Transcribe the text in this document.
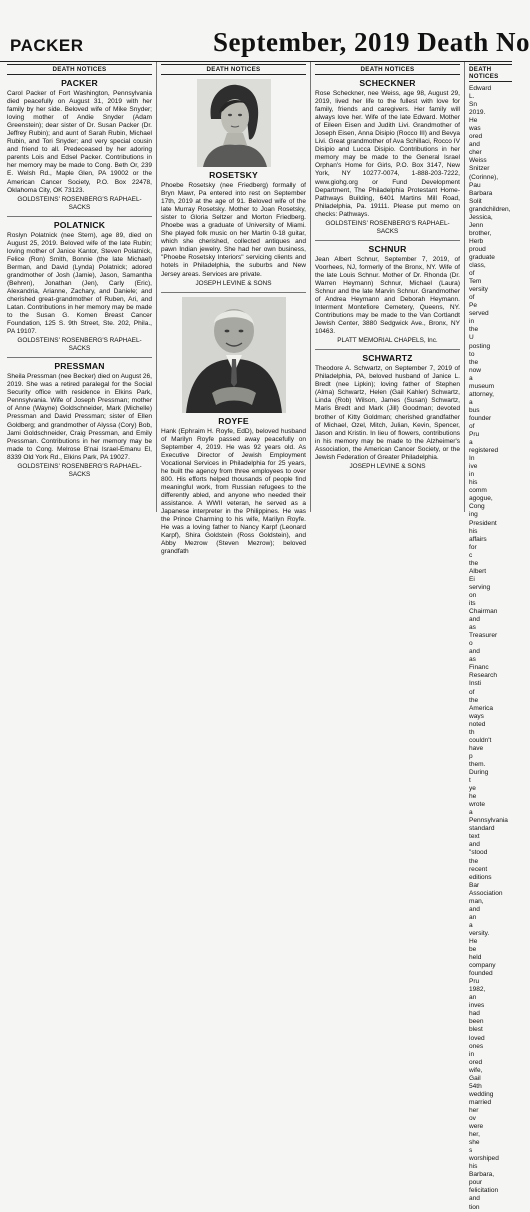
PACKER	September, 2019 Death No
DEATH NOTICES
PACKER

Carol Packer of Fort Washington, Pennsylvania died peacefully on August 31, 2019 with her family by her side. Beloved wife of Mike Snyder; loving mother of Andie Snyder (Adam Greenstein); dear sister of Dr. Susan Packer (Dr. Jeffrey Rubin); and aunt of Sarah Rubin, Michael Rubin, and Tori Snyder; and very special cousin and friend to all. Predeceased by her adoring parents Lois and Edsel Packer. Contributions in her memory may be made to Cong. Beth Or, 239 E. Welsh Rd., Maple Glen, PA 19002 or the American Cancer Society, P.O. Box 22478, Oklahoma City, OK 73123.

GOLDSTEINS' ROSENBERG'S RAPHAEL-SACKS

POLATNICK

Roslyn Polatnick (nee Stern), age 89, died on August 25, 2019. Beloved wife of the late Rubin; loving mother of Janice Kantor, Steven Polatnick, Felice (Ron) Smith, Bonnie (the late Michael) Berman, and David (Lynda) Polatnick; adored grandmother of Josh (Jamie), Jason, Samantha (Behren), Jonathan (Jen), Carly (Eric), Alexandria, Arianne, Zachary, and Daniele; and cherished great-grandmother of Ruben, Ari, and Latan. Contributions in her memory may be made to the Susan G. Komen Breast Cancer Foundation, 125 S. 9th Street, Ste. 202, Phila., PA 19107.

GOLDSTEINS' ROSENBERG'S RAPHAEL-SACKS

PRESSMAN

Sheila Pressman (nee Becker) died on August 26, 2019. She was a retired paralegal for the Social Security office with residence in Elkins Park, Pennsylvania. Wife of Joseph Pressman; mother of Anne (Wayne) Goldschneider, Mark (Michelle) Pressman and David Pressman; sister of Ellen Goldberg; and grandmother of Alyssa (Cory) Bob, Jami Goldschneider, Craig Pressman, and Emily Pressman. Contributions in her memory may be made to Cong. Melrose B'nai Israel-Emanu El, 8339 Old York Rd., Elkins Park, PA 19027.

GOLDSTEINS' ROSENBERG'S RAPHAEL-SACKS

DEATH NOTICES
ROSETSKY

Phoebe Rosetsky (nee Friedberg) formally of Bryn Mawr, Pa entered into rest on September 17th, 2019 at the age of 91. Beloved wife of the late Murray Rosetsky. Mother to Joan Rosetsky, sister to Gloria Seltzer and Morton Friedberg. Phoebe was a graduate of University of Miami. She played folk music on her Martin 0-18 guitar, which she cherished, collected antiques and pawn Indian jewelry. She had her own business, "Phoebe Rosetsky Interiors" servicing clients and hotels in Philadelphia, the suburbs and New Jersey areas. Services are private.

JOSEPH LEVINE & SONS

ROYFE

Hank (Ephraim H. Royfe, EdD), beloved husband of Marilyn Royfe passed away peacefully on September 4, 2019. He was 92 years old. As Executive Director of Jewish Employment Vocational Services in Philadelphia for 25 years, he built the agency from three employees to over 800. His efforts helped thousands of people find meaningful work, from Russian refugees to the differently abled, and anyone who needed their assistance. A WWII veteran, he served as a Japanese interpreter in the Philippines. He was the Prince Charming to his wife, Marilyn Royfe. He was a loving father to Nancy Karpf (Leonard Karpf), Shira Goldstein (Ross Goldstein), and Abby Mezrow (Steven Mezrow); beloved grandfath

DEATH NOTICES
SCHECKNER

Rose Scheckner, nee Weiss, age 98, August 29, 2019, lived her life to the fullest with love for family, friends and caregivers. Her family will always love her. Wife of the late Edward. Mother of Eileen Eisen and Judith Livi. Grandmother of Joseph Eisen, Anna Disipio (Rocco III) and Bevya Livi. Great grandmother of Ava Schillaci, Rocco IV Disipio and Lucca Disipio. Contributions in her memory may be made to the General Israel Orphan's Home for Girls, P.O. Box 3147, New York, NY 10277-0074, 1-888-203-7222, www.giohg.org or Fund Development Department, The Philadelphia Protestant Home-Pathways Building, 6401 Martins Mill Road, Philadelphia, Pa. 19111. Please put memo on checks: Pathways.

GOLDSTEINS' ROSENBERG'S RAPHAEL-SACKS

SCHNUR

Jean Albert Schnur, September 7, 2019, of Voorhees, NJ, formerly of the Bronx, NY. Wife of the late Louis Schnur. Mother of Dr. Rhonda (Dr. Warren Heymann) Schnur, Michael (Laura) Schnur and the late Marvin Schnur. Grandmother of Andrea Heymann and Deborah Heymann. Interment Montefiore Cemetery, Queens, NY. Contributions may be made to the Van Cortlandt Jewish Center, 3880 Sedgwick Ave., Bronx, NY 10463.

PLATT MEMORIAL CHAPELS, Inc.

SCHWARTZ

Theodore A. Schwartz, on September 7, 2019 of Philadelphia, PA, beloved husband of Janice L. Bredt (nee Lipkin); loving father of Stephen (Alma) Schwartz, Helen (Gail Kahler) Schwartz, Linda (Rob) Wilson, James (Susan) Schwartz, Maris Bredt and Mark (Jill) Goodman; devoted brother of Kitty Goldman; cherished grandfather of Michael, Ozel, Mitch, Julian, Kevin, Spencer, Jason and Kristin. In lieu of flowers, contributions in his memory may be made to the Alzheimer's Association, the American Cancer Society, or the Jewish Federation of Greater Philadelphia.

JOSEPH LEVINE & SONS

DEATH NOTICES

Edward L. Sn 2019. He was ored and cher Weiss Snitzer (Corinne), Pau Barbara Solit grandchildren, Jessica, Jenn brother, Herb proud graduate class, of Tem versity of Pe served in the U posting to the now a museum attorney, a bus founder of Pru a registered In ive in his comm agogue, Cong ing President his affairs for c the Albert Ei serving on its Chairman and as Treasurer o and as Financ Research Insti of the America ways noted th couldn't have p them. During t ye he wrote a Pennsylvania standard text and "stood the recent editions Bar Association man, and an a versity. He be held company founded Pru 1982, an inves had been blest loved ones in ored wife, Gail 54th wedding married her ov were her, she s worshiped his Barbara, pour felicitation and tion
